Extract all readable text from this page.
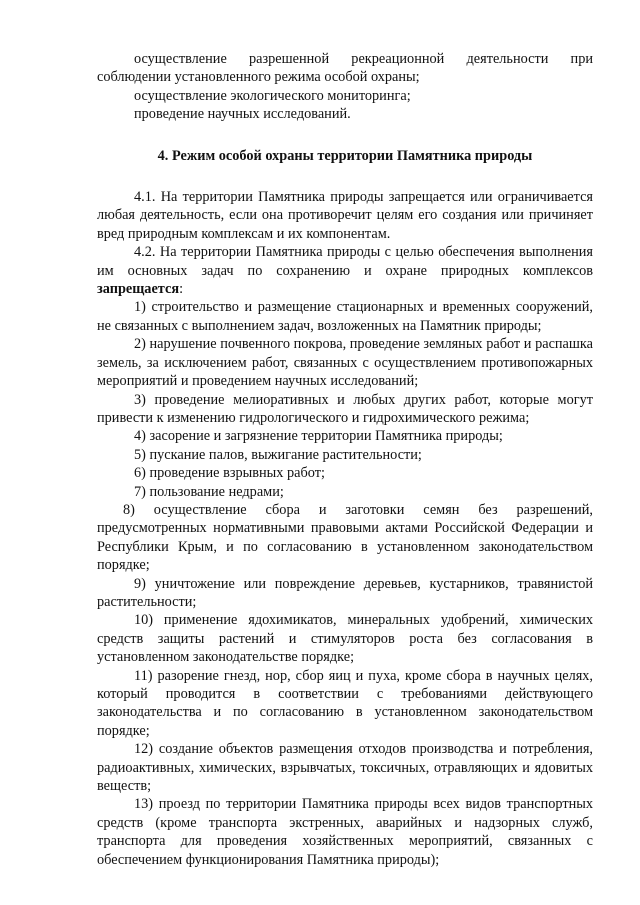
осуществление разрешенной рекреационной деятельности при

соблюдении установленного режима особой охраны;

осуществление экологического мониторинга;

проведение научных исследований.

4. Режим особой охраны территории Памятника природы

4.1. На территории Памятника природы запрещается или ограничивается любая деятельность, если она противоречит целям его создания или причиняет вред природным комплексам и их компонентам.

4.2. На территории Памятника природы с целью обеспечения выполнения им основных задач по сохранению и охране природных комплексов запрещается:

1) строительство и размещение стационарных и временных сооружений, не связанных с выполнением задач, возложенных на Памятник природы;

2) нарушение почвенного покрова, проведение земляных работ и распашка земель, за исключением работ, связанных с осуществлением противопожарных мероприятий и проведением научных исследований;

3) проведение мелиоративных и любых других работ, которые могут привести к изменению гидрологического и гидрохимического режима;

4) засорение и загрязнение территории Памятника природы;

5) пускание палов, выжигание растительности;

6) проведение взрывных работ;

7) пользование недрами;

8) осуществление сбора и заготовки семян без разрешений, предусмотренных нормативными правовыми актами Российской Федерации и Республики Крым, и по согласованию в установленном законодательством порядке;

9) уничтожение или повреждение деревьев, кустарников, травянистой растительности;

10) применение ядохимикатов, минеральных удобрений, химических средств защиты растений и стимуляторов роста без согласования в установленном законодательстве порядке;

11) разорение гнезд, нор, сбор яиц и пуха, кроме сбора в научных целях, который проводится в соответствии с требованиями действующего законодательства и по согласованию в установленном законодательством порядке;

12) создание объектов размещения отходов производства и потребления, радиоактивных, химических, взрывчатых, токсичных, отравляющих и ядовитых веществ;

13) проезд по территории Памятника природы всех видов транспортных средств (кроме транспорта экстренных, аварийных и надзорных служб, транспорта для проведения хозяйственных мероприятий, связанных с обеспечением функционирования Памятника природы);
